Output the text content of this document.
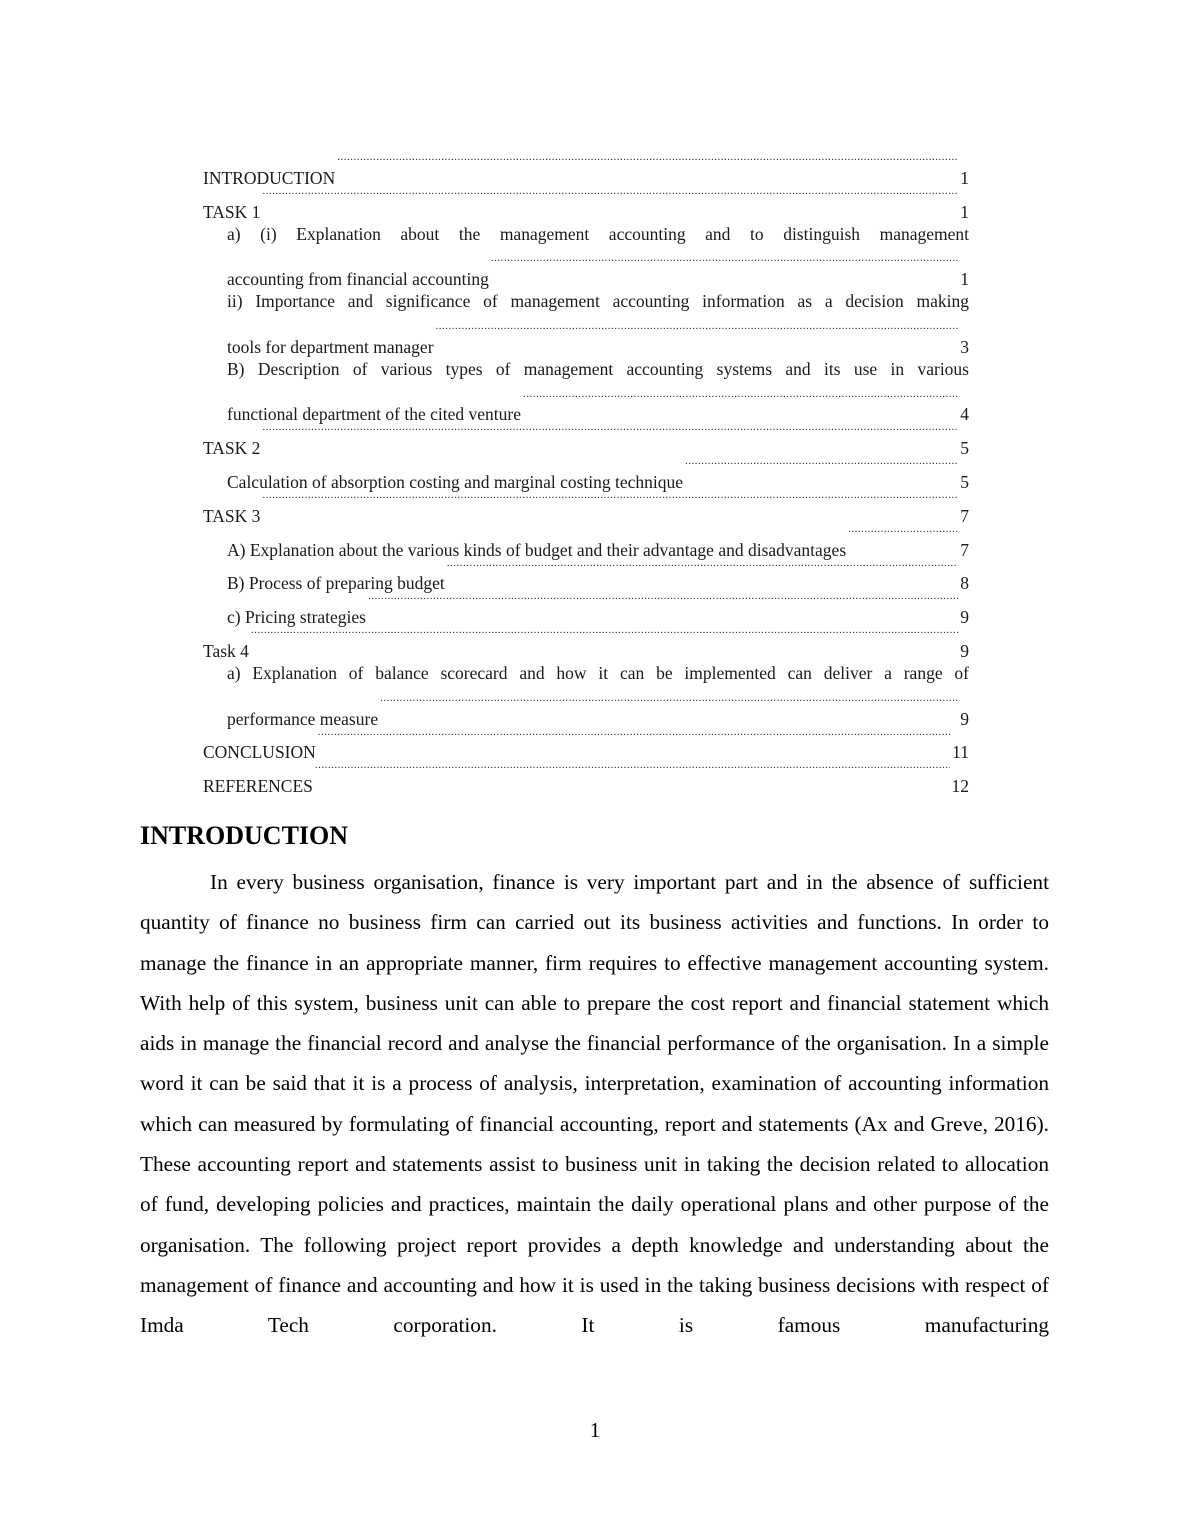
INTRODUCTION .....	1
TASK 1 .....	1
a) (i) Explanation about the management accounting and to distinguish management
accounting from financial accounting .....	1
ii) Importance and significance of management accounting information as a decision making
tools for department manager .....	3
B) Description of various types of management accounting systems and its use in various
functional department of the cited venture .....	4
TASK 2 .....	5
Calculation of absorption costing and marginal costing technique .....	5
TASK 3 .....	7
A) Explanation about the various kinds of budget and their advantage and disadvantages .....	7
B) Process of preparing budget .....	8
c) Pricing strategies .....	9
Task 4 .....	9
a) Explanation of balance scorecard and how it can be implemented can deliver a range of
performance measure .....	9
CONCLUSION .....	11
REFERENCES .....	12
INTRODUCTION

In every business organisation, finance is very important part and in the absence of sufficient quantity of finance no business firm can carried out its business activities and functions. In order to manage the finance in an appropriate manner, firm requires to effective management accounting system. With help of this system, business unit can able to prepare the cost report and financial statement which aids in manage the financial record and analyse the financial performance of the organisation. In a simple word it can be said that it is a process of analysis, interpretation, examination of accounting information which can measured by formulating of financial accounting, report and statements (Ax and Greve, 2016). These accounting report and statements assist to business unit in taking the decision related to allocation of fund, developing policies and practices, maintain the daily operational plans and other purpose of the organisation. The following project report provides a depth knowledge and understanding about the management of finance and accounting and how it is used in the taking business decisions with respect of Imda Tech corporation. It is famous manufacturing

1
